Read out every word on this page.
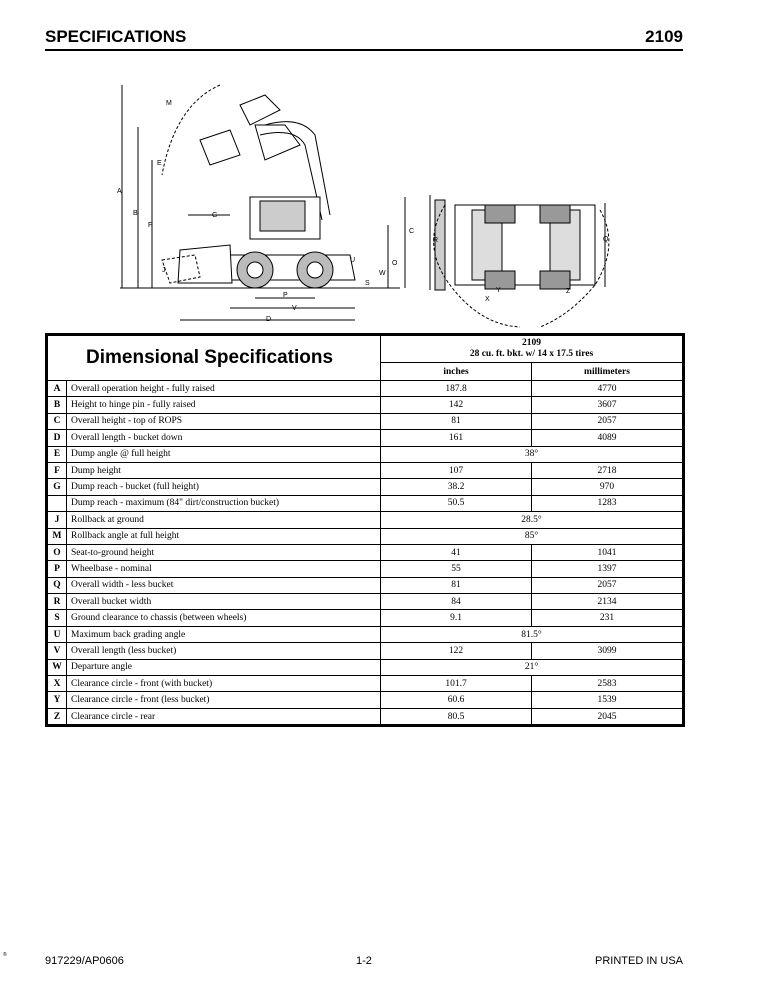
SPECIFICATIONS	2109
M
E
A
B	G
F
C
R	Q
J	W
O
U
S
P
V
D
X
Y	Z
Dimensional Specifications		2109
28 cu. ft. bkt. w/ 14 x 17.5 tires	
		inches	millimeters
A	Overall operation height - fully raised	187.8	4770
B	Height to hinge pin - fully raised	142	3607
C	Overall height - top of ROPS	81	2057
D	Overall length - bucket down	161	4089
E	Dump angle @ full height	38°	
F	Dump height	107	2718
G	Dump reach - bucket (full height)	38.2	970
	Dump reach - maximum (84" dirt/construction bucket)	50.5	1283
J	Rollback at ground	28.5°	
M	Rollback angle at full height	85°	
O	Seat-to-ground height	41	1041
P	Wheelbase - nominal	55	1397
Q	Overall width - less bucket	81	2057
R	Overall bucket width	84	2134
S	Ground clearance to chassis (between wheels)	9.1	231
U	Maximum back grading angle	81.5°	
V	Overall length (less bucket)	122	3099
W	Departure angle	21°	
X	Clearance circle - front (with bucket)	101.7	2583
Y	Clearance circle - front (less bucket)	60.6	1539
Z	Clearance circle - rear	80.5	2045
®	917229/AP0606	1-2	PRINTED IN USA
